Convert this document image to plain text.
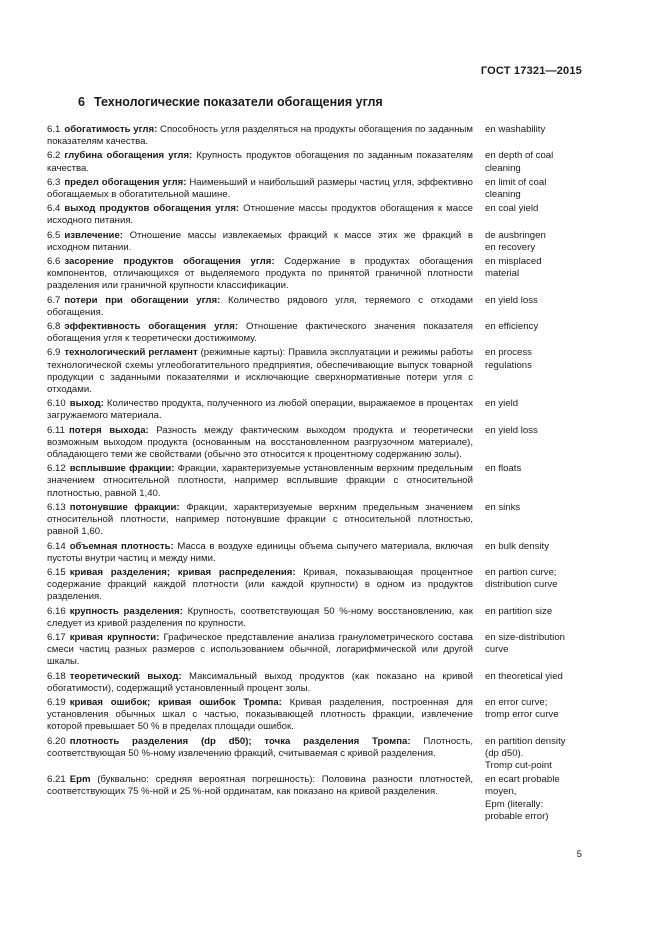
ГОСТ 17321—2015
6 Технологические показатели обогащения угля
6.1 обогатимость угля: Способность угля разделяться на продукты обогащения по заданным показателям качества.
en washability
6.2 глубина обогащения угля: Крупность продуктов обогащения по заданным показателям качества.
en depth of coal
cleaning
6.3 предел обогащения угля: Наименьший и наибольший размеры частиц угля, эффективно обогащаемых в обогатительной машине.
en limit of coal
cleaning
6.4 выход продуктов обогащения угля: Отношение массы продуктов обогащения к массе исходного питания.
en coal yield
6.5 извлечение: Отношение массы извлекаемых фракций к массе этих же фракций в исходном питании.
de ausbringen
en recovery
6.6 засорение продуктов обогащения угля: Содержание в продуктах обогащения компонентов, отличающихся от выделяемого продукта по принятой граничной плотности разделения или граничной крупности классификации.
en misplaced
material
6.7 потери при обогащении угля: Количество рядового угля, теряемого с отходами обогащения.
en yield loss
6.8 эффективность обогащения угля: Отношение фактического значения показателя обогащения угля к теоретически достижимому.
en efficiency
6.9 технологический регламент (режимные карты): Правила эксплуатации и режимы работы технологической схемы углеобогатительного предприятия, обеспечивающие выпуск товарной продукции с заданными показателями и исключающие сверхнормативные потери угля с отходами.
en process
regulations
6.10 выход: Количество продукта, полученного из любой операции, выражаемое в процентах загружаемого материала.
en yield
6.11 потеря выхода: Разность между фактическим выходом продукта и теоретически возможным выходом продукта (основанным на восстановленном разгрузочном материале), обладающего теми же свойствами (обычно это относится к процентному содержанию золы).
en yield loss
6.12 всплывшие фракции: Фракции, характеризуемые установленным верхним предельным значением относительной плотности, например всплывшие фракции с относительной плотностью, равной 1,40.
en floats
6.13 потонувшие фракции: Фракции, характеризуемые верхним предельным значением относительной плотности, например потонувшие фракции с относительной плотностью, равной 1,60.
en sinks
6.14 объемная плотность: Масса в воздухе единицы объема сыпучего материала, включая пустоты внутри частиц и между ними.
en bulk density
6.15 кривая разделения; кривая распределения: Кривая, показывающая процентное содержание фракций каждой плотности (или каждой крупности) в одном из продуктов разделения.
en partion curve;
distribution curve
6.16 крупность разделения: Крупность, соответствующая 50 %-ному восстановлению, как следует из кривой разделения по крупности.
en partition size
6.17 кривая крупности: Графическое представление анализа гранулометрического состава смеси частиц разных размеров с использованием обычной, логарифмической или другой шкалы.
en size-distribution
curve
6.18 теоретический выход: Максимальный выход продуктов (как показано на кривой обогатимости), содержащий установленный процент золы.
en theoretical yied
6.19 кривая ошибок; кривая ошибок Тромпа: Кривая разделения, построенная для установления обычных шкал с частью, показывающей плотность фракции, извлечение которой превышает 50 % в пределах площади ошибок.
en error curve;
tromp error curve
6.20 плотность разделения (dp d50); точка разделения Тромпа: Плотность, соответствующая 50 %-ному извлечению фракций, считываемая с кривой разделения.
en partition density
(dp d50).
Tromp cut-point
6.21 Epm (буквально: средняя вероятная погрешность): Половина разности плотностей, соответствующих 75 %-ной и 25 %-ной ординатам, как показано на кривой разделения.
en ecart probable
moyen,
Epm (literally:
probable error)
5
